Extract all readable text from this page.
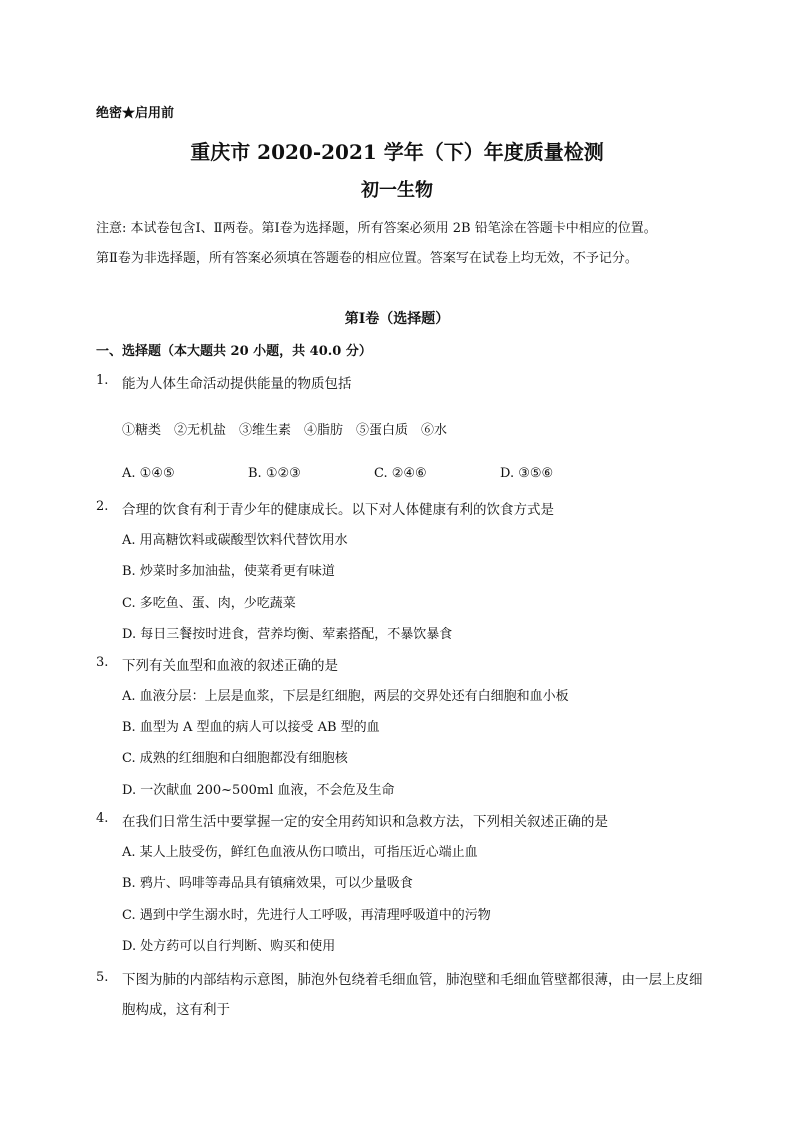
绝密★启用前
重庆市 2020-2021 学年（下）年度质量检测
初一生物
注意: 本试卷包含Ⅰ、Ⅱ两卷。第Ⅰ卷为选择题，所有答案必须用 2B 铅笔涂在答题卡中相应的位置。
第Ⅱ卷为非选择题，所有答案必须填在答题卷的相应位置。答案写在试卷上均无效，不予记分。
第Ⅰ卷（选择题）
一、选择题（本大题共 20 小题，共 40.0 分）
1. 能为人体生命活动提供能量的物质包括
①糖类　②无机盐　③维生素　④脂肪　⑤蛋白质　⑥水
A. ①④⑤	B. ①②③	C. ②④⑥	D. ③⑤⑥
2. 合理的饮食有利于青少年的健康成长。以下对人体健康有利的饮食方式是
A. 用高糖饮料或碳酸型饮料代替饮用水
B. 炒菜时多加油盐，使菜肴更有味道
C. 多吃鱼、蛋、肉，少吃蔬菜
D. 每日三餐按时进食，营养均衡、荤素搭配，不暴饮暴食
3. 下列有关血型和血液的叙述正确的是
A. 血液分层：上层是血浆，下层是红细胞，两层的交界处还有白细胞和血小板
B. 血型为 A 型血的病人可以接受 AB 型的血
C. 成熟的红细胞和白细胞都没有细胞核
D. 一次献血 200~500ml 血液，不会危及生命
4. 在我们日常生活中要掌握一定的安全用药知识和急救方法，下列相关叙述正确的是
A. 某人上肢受伤，鲜红色血液从伤口喷出，可指压近心端止血
B. 鸦片、吗啡等毒品具有镇痛效果，可以少量吸食
C. 遇到中学生溺水时，先进行人工呼吸，再清理呼吸道中的污物
D. 处方药可以自行判断、购买和使用
5. 下图为肺的内部结构示意图，肺泡外包绕着毛细血管，肺泡壁和毛细血管壁都很薄，由一层上皮细胞构成，这有利于
